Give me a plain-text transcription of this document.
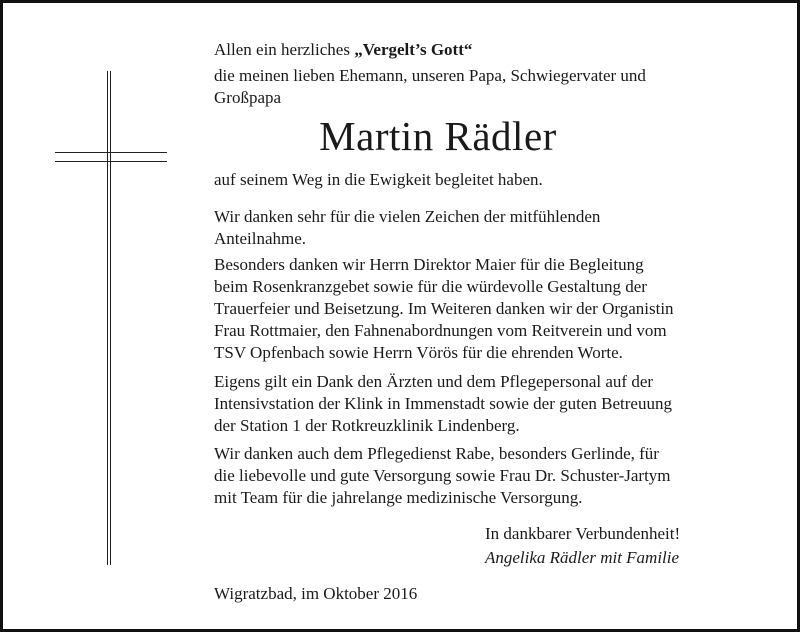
Allen ein herzliches „Vergelt’s Gott“
die meinen lieben Ehemann, unseren Papa, Schwiegervater und
Großpapa
Martin Rädler
auf seinem Weg in die Ewigkeit begleitet haben.
Wir danken sehr für die vielen Zeichen der mitfühlenden
Anteilnahme.
Besonders danken wir Herrn Direktor Maier für die Begleitung
beim Rosenkranzgebet sowie für die würdevolle Gestaltung der
Trauerfeier und Beisetzung. Im Weiteren danken wir der Organistin
Frau Rottmaier, den Fahnenabordnungen vom Reitverein und vom
TSV Opfenbach sowie Herrn Vörös für die ehrenden Worte.
Eigens gilt ein Dank den Ärzten und dem Pflegepersonal auf der
Intensivstation der Klink in Immenstadt sowie der guten Betreuung
der Station 1 der Rotkreuzklinik Lindenberg.
Wir danken auch dem Pflegedienst Rabe, besonders Gerlinde, für
die liebevolle und gute Versorgung sowie Frau Dr. Schuster-Jartym
mit Team für die jahrelange medizinische Versorgung.
In dankbarer Verbundenheit!
Angelika Rädler mit Familie
Wigratzbad, im Oktober 2016
